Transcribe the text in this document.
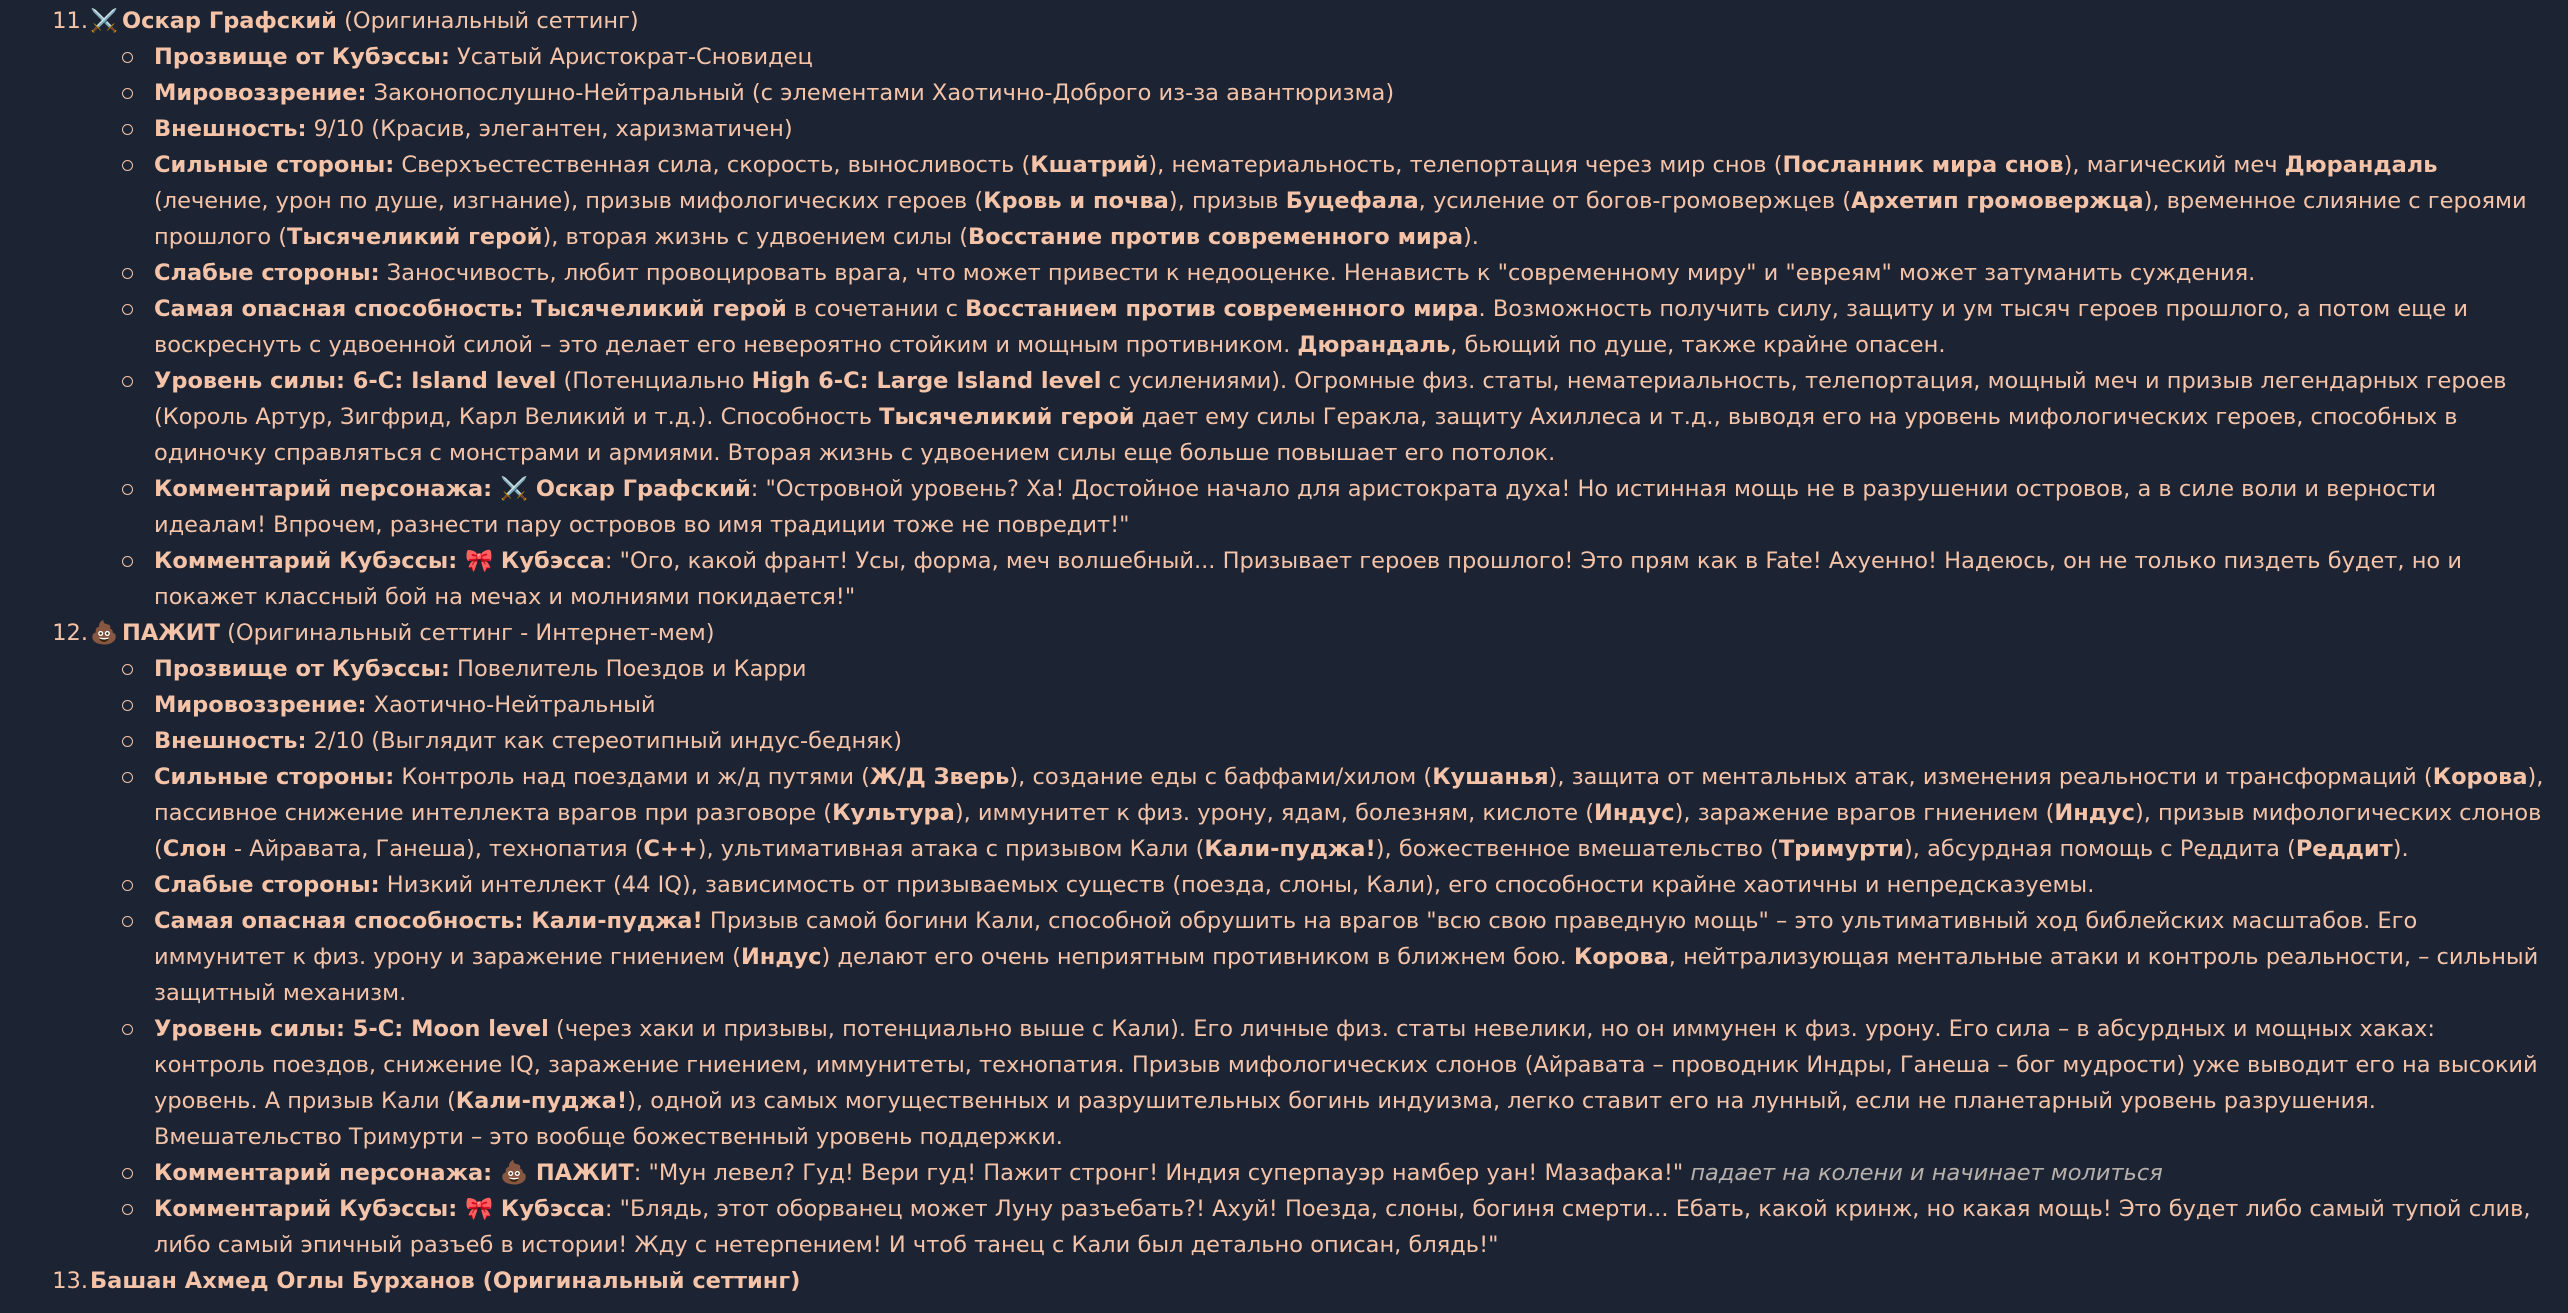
11. ⚔️ Оскар Графский (Оригинальный сеттинг)
Прозвище от Кубэссы: Усатый Аристократ-Сновидец
Мировоззрение: Законопослушно-Нейтральный (с элементами Хаотично-Доброго из-за авантюризма)
Внешность: 9/10 (Красив, элегантен, харизматичен)
Сильные стороны: Сверхъестественная сила, скорость, выносливость (Кшатрий), нематериальность, телепортация через мир снов (Посланник мира снов), магический меч Дюрандаль (лечение, урон по душе, изгнание), призыв мифологических героев (Кровь и почва), призыв Буцефала, усиление от богов-громовержцев (Архетип громовержца), временное слияние с героями прошлого (Тысячеликий герой), вторая жизнь с удвоением силы (Восстание против современного мира).
Слабые стороны: Заносчивость, любит провоцировать врага, что может привести к недооценке. Ненависть к "современному миру" и "евреям" может затуманить суждения.
Самая опасная способность: Тысячеликий герой в сочетании с Восстанием против современного мира. Возможность получить силу, защиту и ум тысяч героев прошлого, а потом еще и воскреснуть с удвоенной силой – это делает его невероятно стойким и мощным противником. Дюрандаль, бьющий по душе, также крайне опасен.
Уровень силы: 6-C: Island level (Потенциально High 6-C: Large Island level с усилениями). Огромные физ. статы, нематериальность, телепортация, мощный меч и призыв легендарных героев (Король Артур, Зигфрид, Карл Великий и т.д.). Способность Тысячеликий герой дает ему силы Геракла, защиту Ахиллеса и т.д., выводя его на уровень мифологических героев, способных в одиночку справляться с монстрами и армиями. Вторая жизнь с удвоением силы еще больше повышает его потолок.
Комментарий персонажа: ⚔️ Оскар Графский: "Островной уровень? Ха! Достойное начало для аристократа духа! Но истинная мощь не в разрушении островов, а в силе воли и верности идеалам! Впрочем, разнести пару островов во имя традиции тоже не повредит!"
Комментарий Кубэссы: 🎀 Кубэсса: "Ого, какой франт! Усы, форма, меч волшебный... Призывает героев прошлого! Это прям как в Fate! Ахуенно! Надеюсь, он не только пиздеть будет, но и покажет классный бой на мечах и молниями покидается!"
12. 💩 ПАЖИТ (Оригинальный сеттинг - Интернет-мем)
Прозвище от Кубэссы: Повелитель Поездов и Карри
Мировоззрение: Хаотично-Нейтральный
Внешность: 2/10 (Выглядит как стереотипный индус-бедняк)
Сильные стороны: Контроль над поездами и ж/д путями (Ж/Д Зверь), создание еды с баффами/хилом (Кушанья), защита от ментальных атак, изменения реальности и трансформаций (Корова), пассивное снижение интеллекта врагов при разговоре (Культура), иммунитет к физ. урону, ядам, болезням, кислоте (Индус), заражение врагов гниением (Индус), призыв мифологических слонов (Слон - Айравата, Ганеша), технопатия (C++), ультимативная атака с призывом Кали (Кали-пуджа!), божественное вмешательство (Тримурти), абсурдная помощь с Реддита (Реддит).
Слабые стороны: Низкий интеллект (44 IQ), зависимость от призываемых существ (поезда, слоны, Кали), его способности крайне хаотичны и непредсказуемы.
Самая опасная способность: Кали-пуджа! Призыв самой богини Кали, способной обрушить на врагов "всю свою праведную мощь" – это ультимативный ход библейских масштабов. Его иммунитет к физ. урону и заражение гниением (Индус) делают его очень неприятным противником в ближнем бою. Корова, нейтрализующая ментальные атаки и контроль реальности, – сильный защитный механизм.
Уровень силы: 5-C: Moon level (через хаки и призывы, потенциально выше с Кали). Его личные физ. статы невелики, но он иммунен к физ. урону. Его сила – в абсурдных и мощных хаках: контроль поездов, снижение IQ, заражение гниением, иммунитеты, технопатия. Призыв мифологических слонов (Айравата – проводник Индры, Ганеша – бог мудрости) уже выводит его на высокий уровень. А призыв Кали (Кали-пуджа!), одной из самых могущественных и разрушительных богинь индуизма, легко ставит его на лунный, если не планетарный уровень разрушения. Вмешательство Тримурти – это вообще божественный уровень поддержки.
Комментарий персонажа: 💩 ПАЖИТ: "Мун левел? Гуд! Вери гуд! Пажит стронг! Индия суперпауэр намбер уан! Мазафака!" падает на колени и начинает молиться
Комментарий Кубэссы: 🎀 Кубэсса: "Блядь, этот оборванец может Луну разъебать?! Ахуй! Поезда, слоны, богиня смерти... Ебать, какой кринж, но какая мощь! Это будет либо самый тупой слив, либо самый эпичный разъеб в истории! Жду с нетерпением! И чтоб танец с Кали был детально описан, блядь!"
13. Башан Ахмед Оглы Бурханов (Оригинальный сеттинг)
